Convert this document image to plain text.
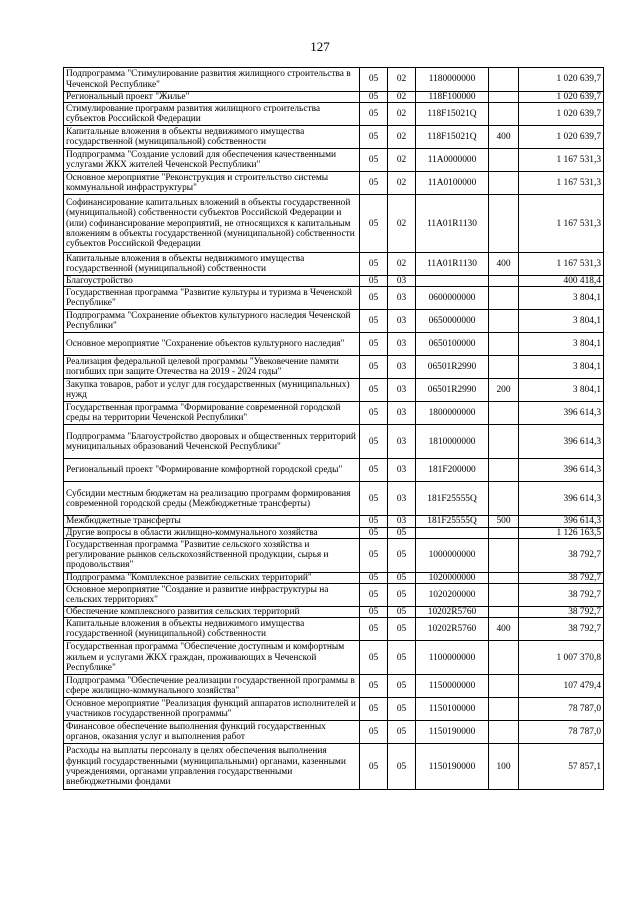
127
Подпрограмма "Стимулирование развития жилищного строительства в Чеченской Республике"	05	02	1180000000		1 020 639,7
Региональный проект "Жилье"	05	02	118F100000		1 020 639,7
Стимулирование программ развития жилищного строительства субъектов Российской Федерации	05	02	118F15021Q		1 020 639,7
Капитальные вложения в объекты недвижимого имущества государственной (муниципальной) собственности	05	02	118F15021Q	400	1 020 639,7
Подпрограмма "Создание условий для обеспечения качественными услугами ЖКХ жителей Чеченской Республики"	05	02	11A0000000		1 167 531,3
Основное мероприятие "Реконструкция и строительство системы коммунальной инфраструктуры"	05	02	11A0100000		1 167 531,3
Софинансирование капитальных вложений в объекты государственной (муниципальной) собственности субъектов Российской Федерации и (или) софинансирование мероприятий, не относящихся к капитальным вложениям в объекты государственной (муниципальной) собственности субъектов Российской Федерации	05	02	11A01R1130		1 167 531,3
Капитальные вложения в объекты недвижимого имущества государственной (муниципальной) собственности	05	02	11A01R1130	400	1 167 531,3
Благоустройство	05	03			400 418,4
Государственная программа "Развитие культуры и туризма в Чеченской Республике"	05	03	0600000000		3 804,1
Подпрограмма "Сохранение объектов культурного наследия Чеченской Республики"	05	03	0650000000		3 804,1
Основное мероприятие "Сохранение объектов культурного наследия"	05	03	0650100000		3 804,1
Реализация федеральной целевой программы "Увековечение памяти погибших при защите Отечества на 2019 - 2024 годы"	05	03	06501R2990		3 804,1
Закупка товаров, работ и услуг для государственных (муниципальных) нужд	05	03	06501R2990	200	3 804,1
Государственная программа "Формирование современной городской среды на территории Чеченской Республики"	05	03	1800000000		396 614,3
Подпрограмма "Благоустройство дворовых и общественных территорий муниципальных образований Чеченской Республики"	05	03	1810000000		396 614,3
Региональный проект "Формирование комфортной городской среды"	05	03	181F200000		396 614,3
Субсидии местным бюджетам на реализацию программ формирования современной городской среды (Межбюджетные трансферты)	05	03	181F25555Q		396 614,3
Межбюджетные трансферты	05	03	181F25555Q	500	396 614,3
Другие вопросы в области жилищно-коммунального хозяйства	05	05			1 126 163,5
Государственная программа "Развитие сельского хозяйства и регулирование рынков сельскохозяйственной продукции, сырья и продовольствия"	05	05	1000000000		38 792,7
Подпрограмма "Комплексное развитие сельских территорий"	05	05	1020000000		38 792,7
Основное мероприятие "Создание и развитие инфраструктуры на сельских территориях"	05	05	1020200000		38 792,7
Обеспечение комплексного развития сельских территорий	05	05	10202R5760		38 792,7
Капитальные вложения в объекты недвижимого имущества государственной (муниципальной) собственности	05	05	10202R5760	400	38 792,7
Государственная программа "Обеспечение доступным и комфортным жильем и услугами ЖКХ граждан, проживающих в Чеченской Республике"	05	05	1100000000		1 007 370,8
Подпрограмма "Обеспечение реализации государственной программы в сфере жилищно-коммунального хозяйства"	05	05	1150000000		107 479,4
Основное мероприятие "Реализация функций аппаратов исполнителей и участников государственной программы"	05	05	1150100000		78 787,0
Финансовое обеспечение выполнения функций государственных органов, оказания услуг и выполнения работ	05	05	1150190000		78 787,0
Расходы на выплаты персоналу в целях обеспечения выполнения функций государственными (муниципальными) органами, казенными учреждениями, органами управления государственными внебюджетными фондами	05	05	1150190000	100	57 857,1
